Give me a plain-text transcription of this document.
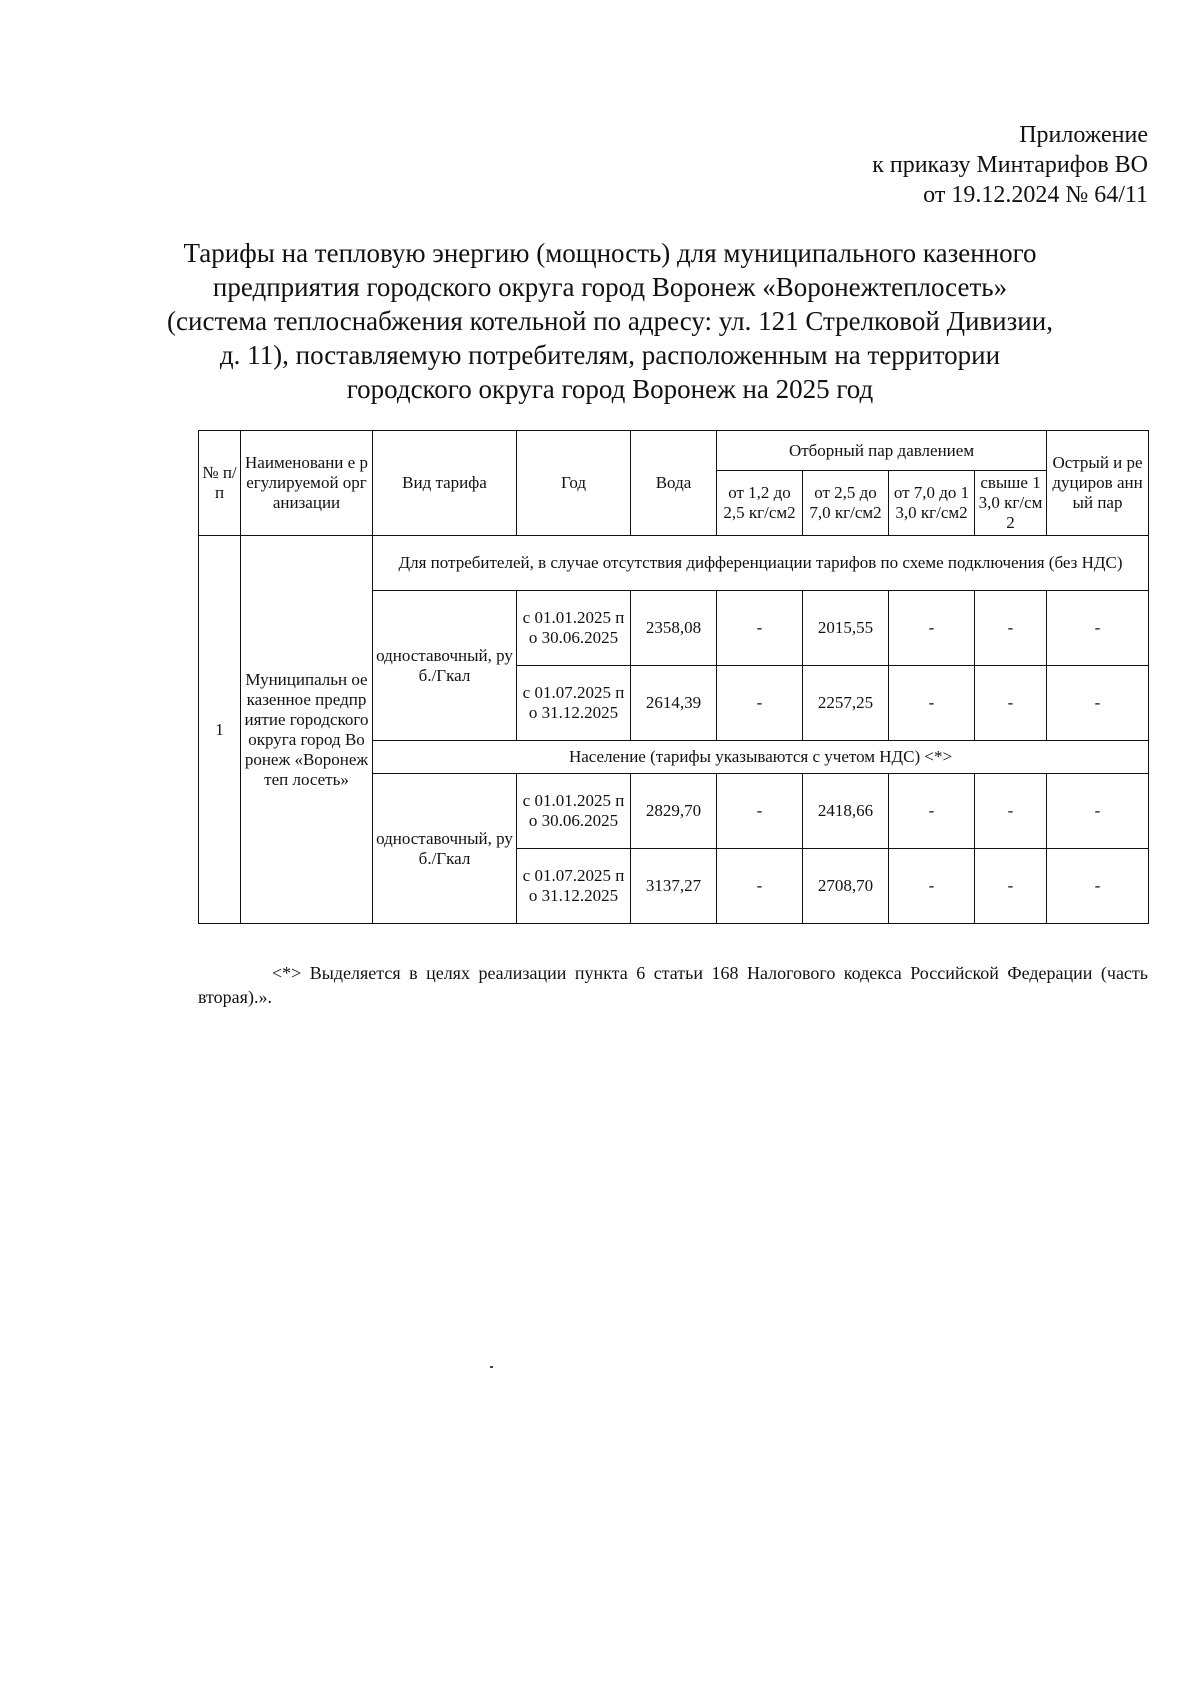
Приложение
к приказу Минтарифов ВО
от 19.12.2024 № 64/11
Тарифы на тепловую энергию (мощность) для муниципального казенного
предприятия городского округа город Воронеж «Воронежтеплосеть»
(система теплоснабжения котельной по адресу: ул. 121 Стрелковой Дивизии,
д. 11), поставляемую потребителям, расположенным на территории
городского округа город Воронеж на 2025 год
№ п/п	Наименовани е регулируемой организации	Вид тарифа	Год	Вода	Отборный пар давлением				Острый и редуциров анный пар
					от 1,2 до 2,5 кг/см2	от 2,5 до 7,0 кг/см2	от 7,0 до 13,0 кг/см2	свыше 13,0 кг/см2	
1	Муниципальн ое казенное предприятие городского округа город Воронеж «Воронежтеп лосеть»	Для потребителей, в случае отсутствия дифференциации тарифов по схеме подключения (без НДС)							
		одноставочный, руб./Гкал	с 01.01.2025 по 30.06.2025	2358,08	-	2015,55	-	-	-
			с 01.07.2025 по 31.12.2025	2614,39	-	2257,25	-	-	-
		Население (тарифы указываются с учетом НДС) <*>							
		одноставочный, руб./Гкал	с 01.01.2025 по 30.06.2025	2829,70	-	2418,66	-	-	-
			с 01.07.2025 по 31.12.2025	3137,27	-	2708,70	-	-	-
<*> Выделяется в целях реализации пункта 6 статьи 168 Налогового кодекса Российской Федерации (часть вторая).».
